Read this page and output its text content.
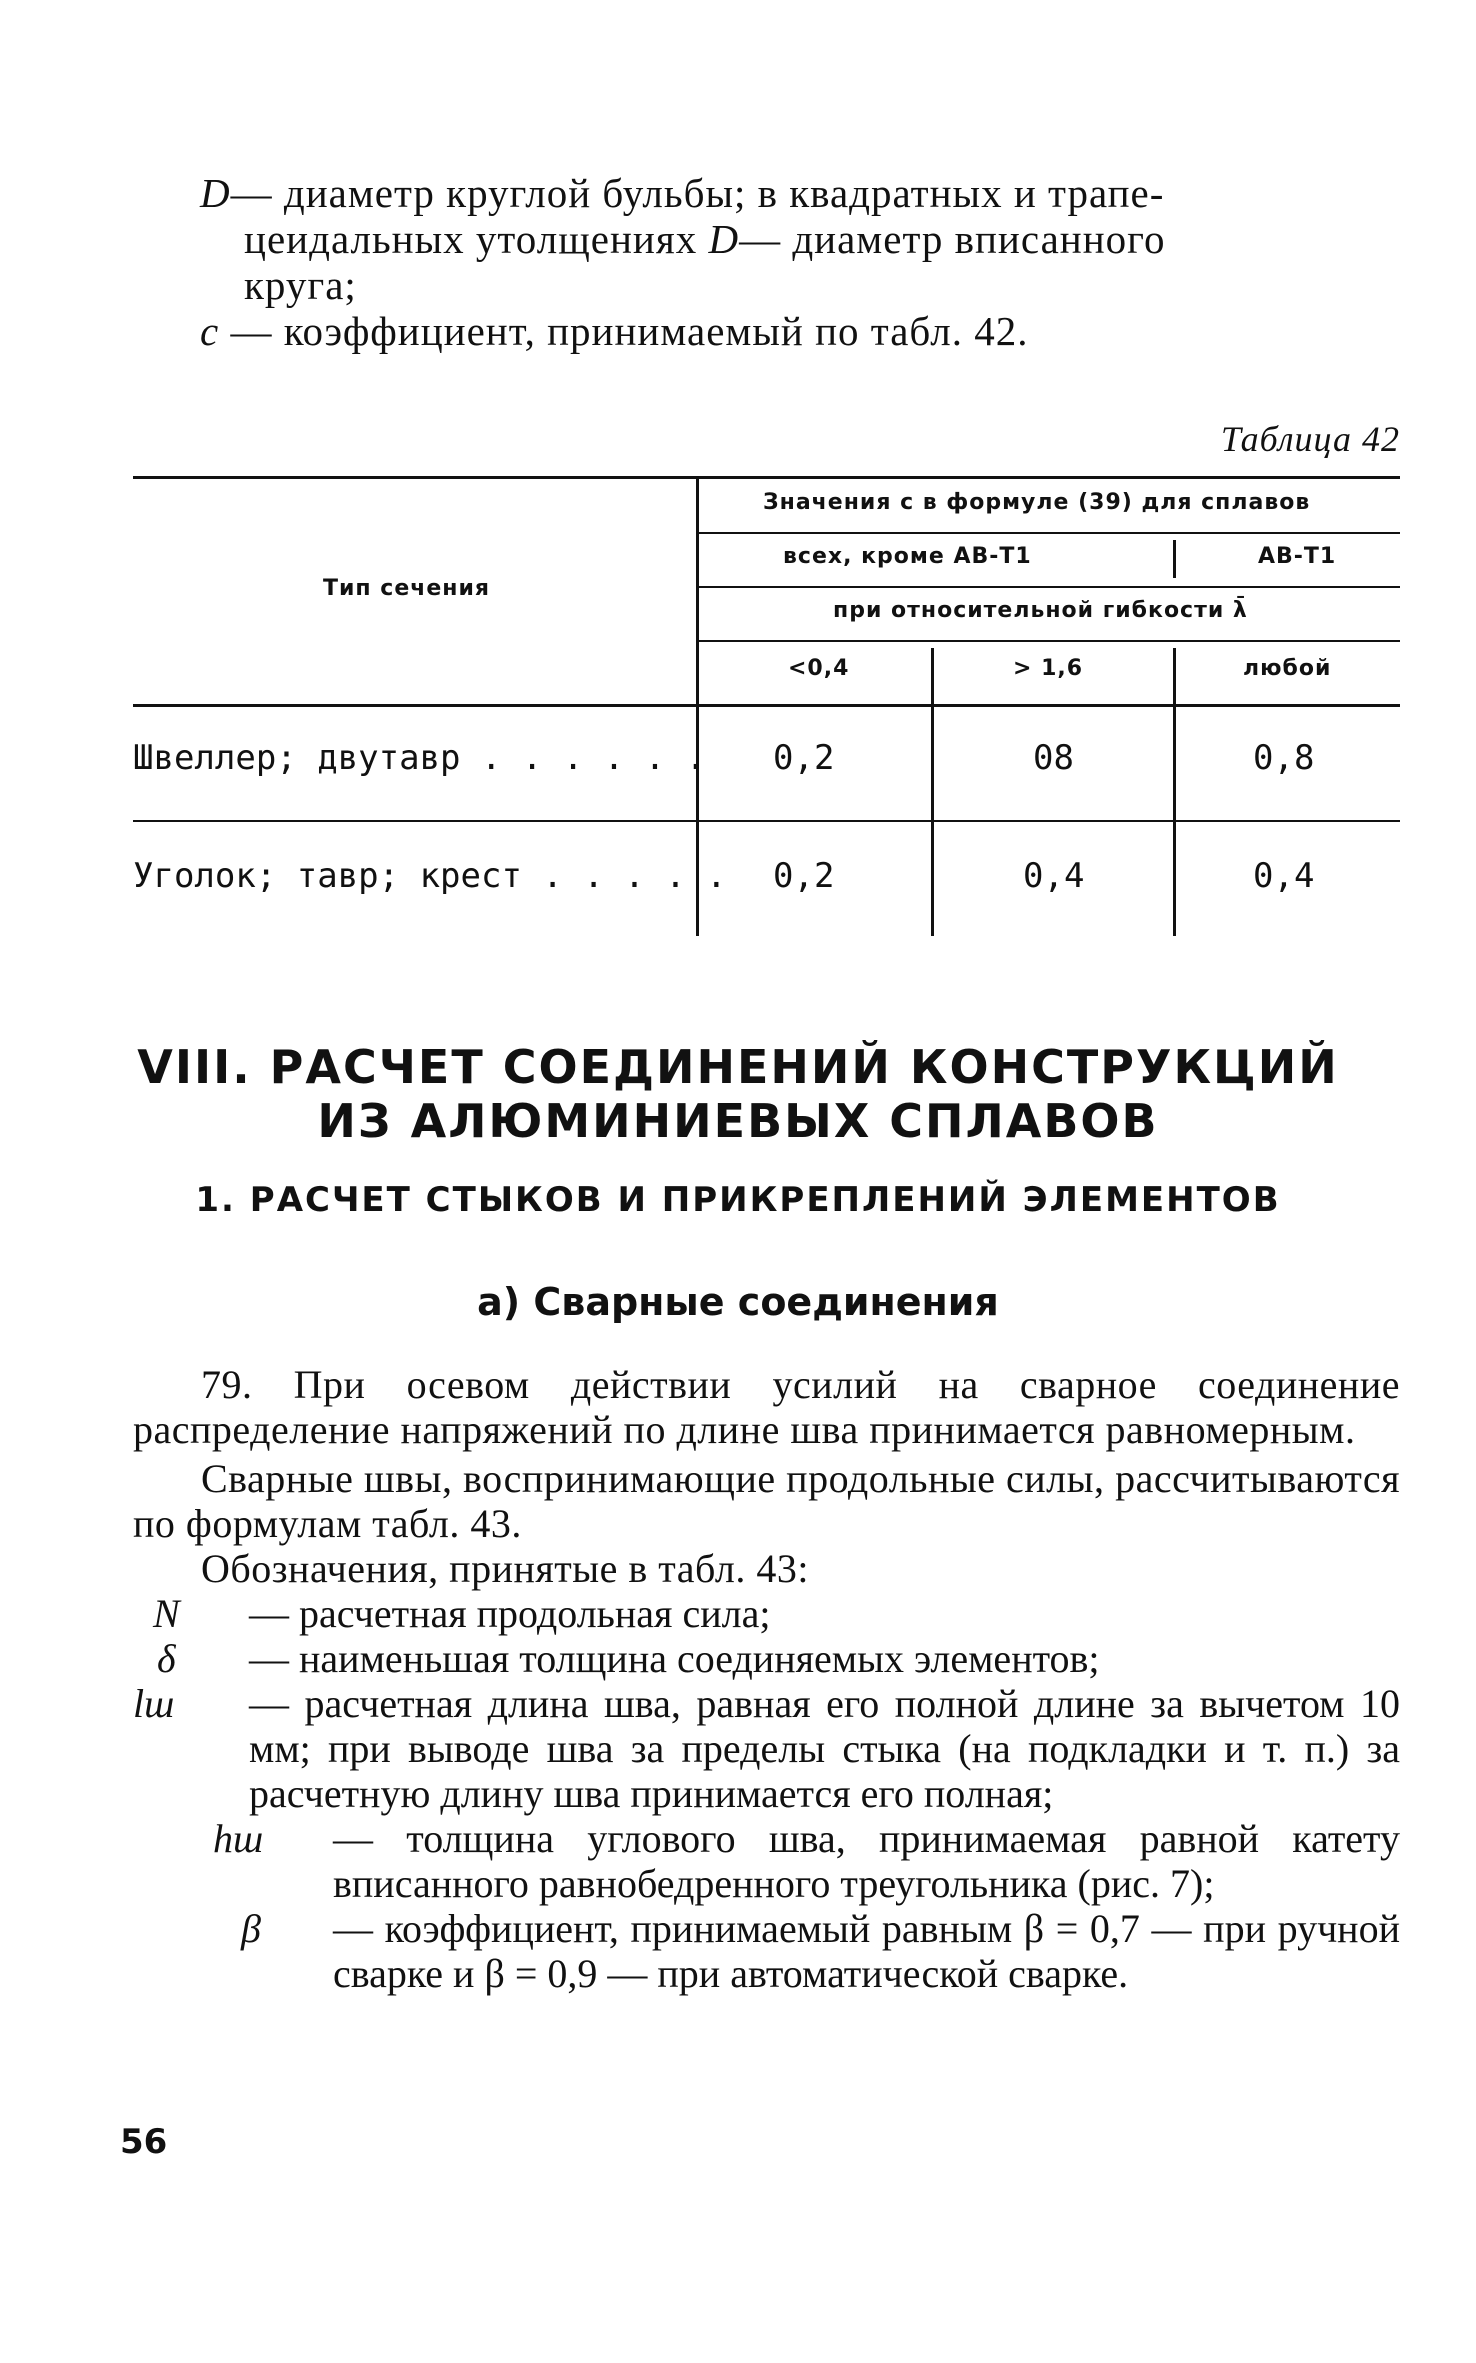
D— диаметр круглой бульбы; в квадратных и трапе-

цеидальных утолщениях D— диаметр вписанного

круга;

c — коэффициент, принимаемый по табл. 42.

Таблица 42
Тип сечения
Значения c в формуле (39) для сплавов
всех, кроме АВ-Т1	АВ-Т1
при относительной гибкости λ̄
<0,4	> 1,6	любой
Швеллер; двутавр . . . . . . 0,2	08	0,8
Уголок; тавр; крест . . . . . 0,2	0,4	0,4
VIII. РАСЧЕТ СОЕДИНЕНИЙ КОНСТРУКЦИЙ
ИЗ АЛЮМИНИЕВЫХ СПЛАВОВ
1. РАСЧЕТ СТЫКОВ И ПРИКРЕПЛЕНИЙ ЭЛЕМЕНТОВ
а) Сварные соединения

79. При осевом действии усилий на сварное соединение распределение напряжений по длине шва принимается равномерным.

Сварные швы, воспринимающие продольные силы, рассчитываются по формулам табл. 43.

Обозначения, принятые в табл. 43:

N — расчетная продольная сила;
δ — наименьшая толщина соединяемых элементов;
lш — расчетная длина шва, равная его полной длине за вычетом 10 мм; при выводе шва за пределы стыка (на подкладки и т. п.) за расчетную длину шва принимается его полная;
hш — толщина углового шва, принимаемая равной катету вписанного равнобедренного треугольника (рис. 7);
β — коэффициент, принимаемый равным β = 0,7 — при ручной сварке и β = 0,9 — при автоматической сварке.
56
